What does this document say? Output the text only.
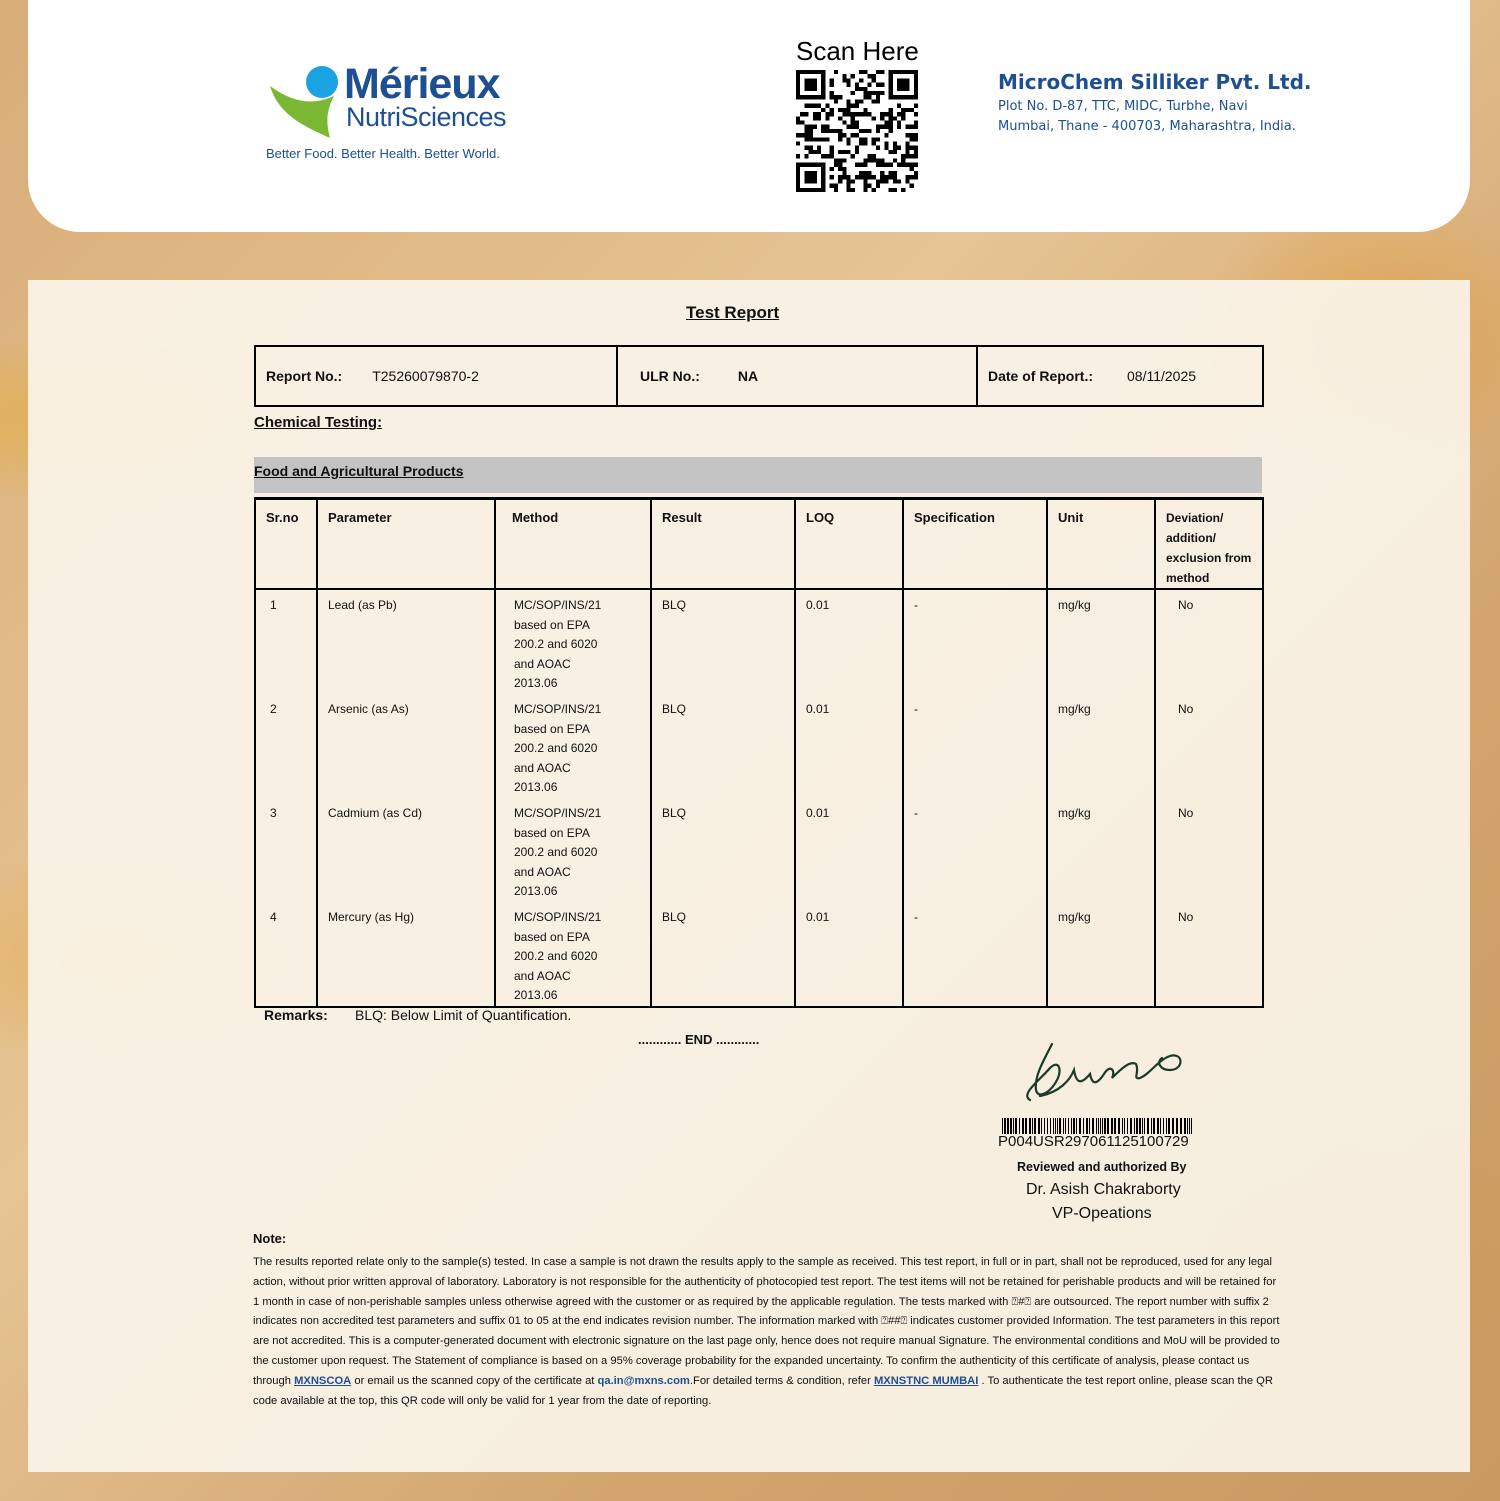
Mérieux
NutriSciences
Better Food. Better Health. Better World.
Scan Here
MicroChem Silliker Pvt. Ltd.
Plot No. D-87, TTC, MIDC, Turbhe, Navi
Mumbai, Thane - 400703, Maharashtra, India.
Test Report
Report No.: T25260079870-2	ULR No.:	NA	Date of Report.: 08/11/2025
Chemical Testing:
Food and Agricultural Products
Sr.no	Parameter	Method	Result	LOQ	Specification	Unit	Deviation/ addition/ exclusion from method
1	Lead (as Pb)	MC/SOP/INS/21 based on EPA 200.2 and 6020 and AOAC 2013.06	BLQ	0.01	-	mg/kg	No
2	Arsenic (as As)	MC/SOP/INS/21 based on EPA 200.2 and 6020 and AOAC 2013.06	BLQ	0.01	-	mg/kg	No
3	Cadmium (as Cd)	MC/SOP/INS/21 based on EPA 200.2 and 6020 and AOAC 2013.06	BLQ	0.01	-	mg/kg	No
4	Mercury (as Hg)	MC/SOP/INS/21 based on EPA 200.2 and 6020 and AOAC 2013.06	BLQ	0.01	-	mg/kg	No
Remarks: BLQ: Below Limit of Quantification.
............ END ............
P004USR297061125100729
Reviewed and authorized By
Dr. Asish Chakraborty
VP-Opeations
Note:
The results reported relate only to the sample(s) tested. In case a sample is not drawn the results apply to the sample as received. This test report, in full or in part, shall not be reproduced, used for any legal action, without prior written approval of laboratory. Laboratory is not responsible for the authenticity of photocopied test report. The test items will not be retained for perishable products and will be retained for 1 month in case of non-perishable samples unless otherwise agreed with the customer or as required by the applicable regulation. The tests marked with ⍰#⍰ are outsourced. The report number with suffix 2 indicates non accredited test parameters and suffix 01 to 05 at the end indicates revision number. The information marked with ⍰##⍰ indicates customer provided Information. The test parameters in this report are not accredited. This is a computer-generated document with electronic signature on the last page only, hence does not require manual Signature. The environmental conditions and MoU will be provided to the customer upon request. The Statement of compliance is based on a 95% coverage probability for the expanded uncertainty. To confirm the authenticity of this certificate of analysis, please contact us through MXNSCOA or email us the scanned copy of the certificate at qa.in@mxns.com.For detailed terms & condition, refer MXNSTNC MUMBAI . To authenticate the test report online, please scan the QR code available at the top, this QR code will only be valid for 1 year from the date of reporting.
